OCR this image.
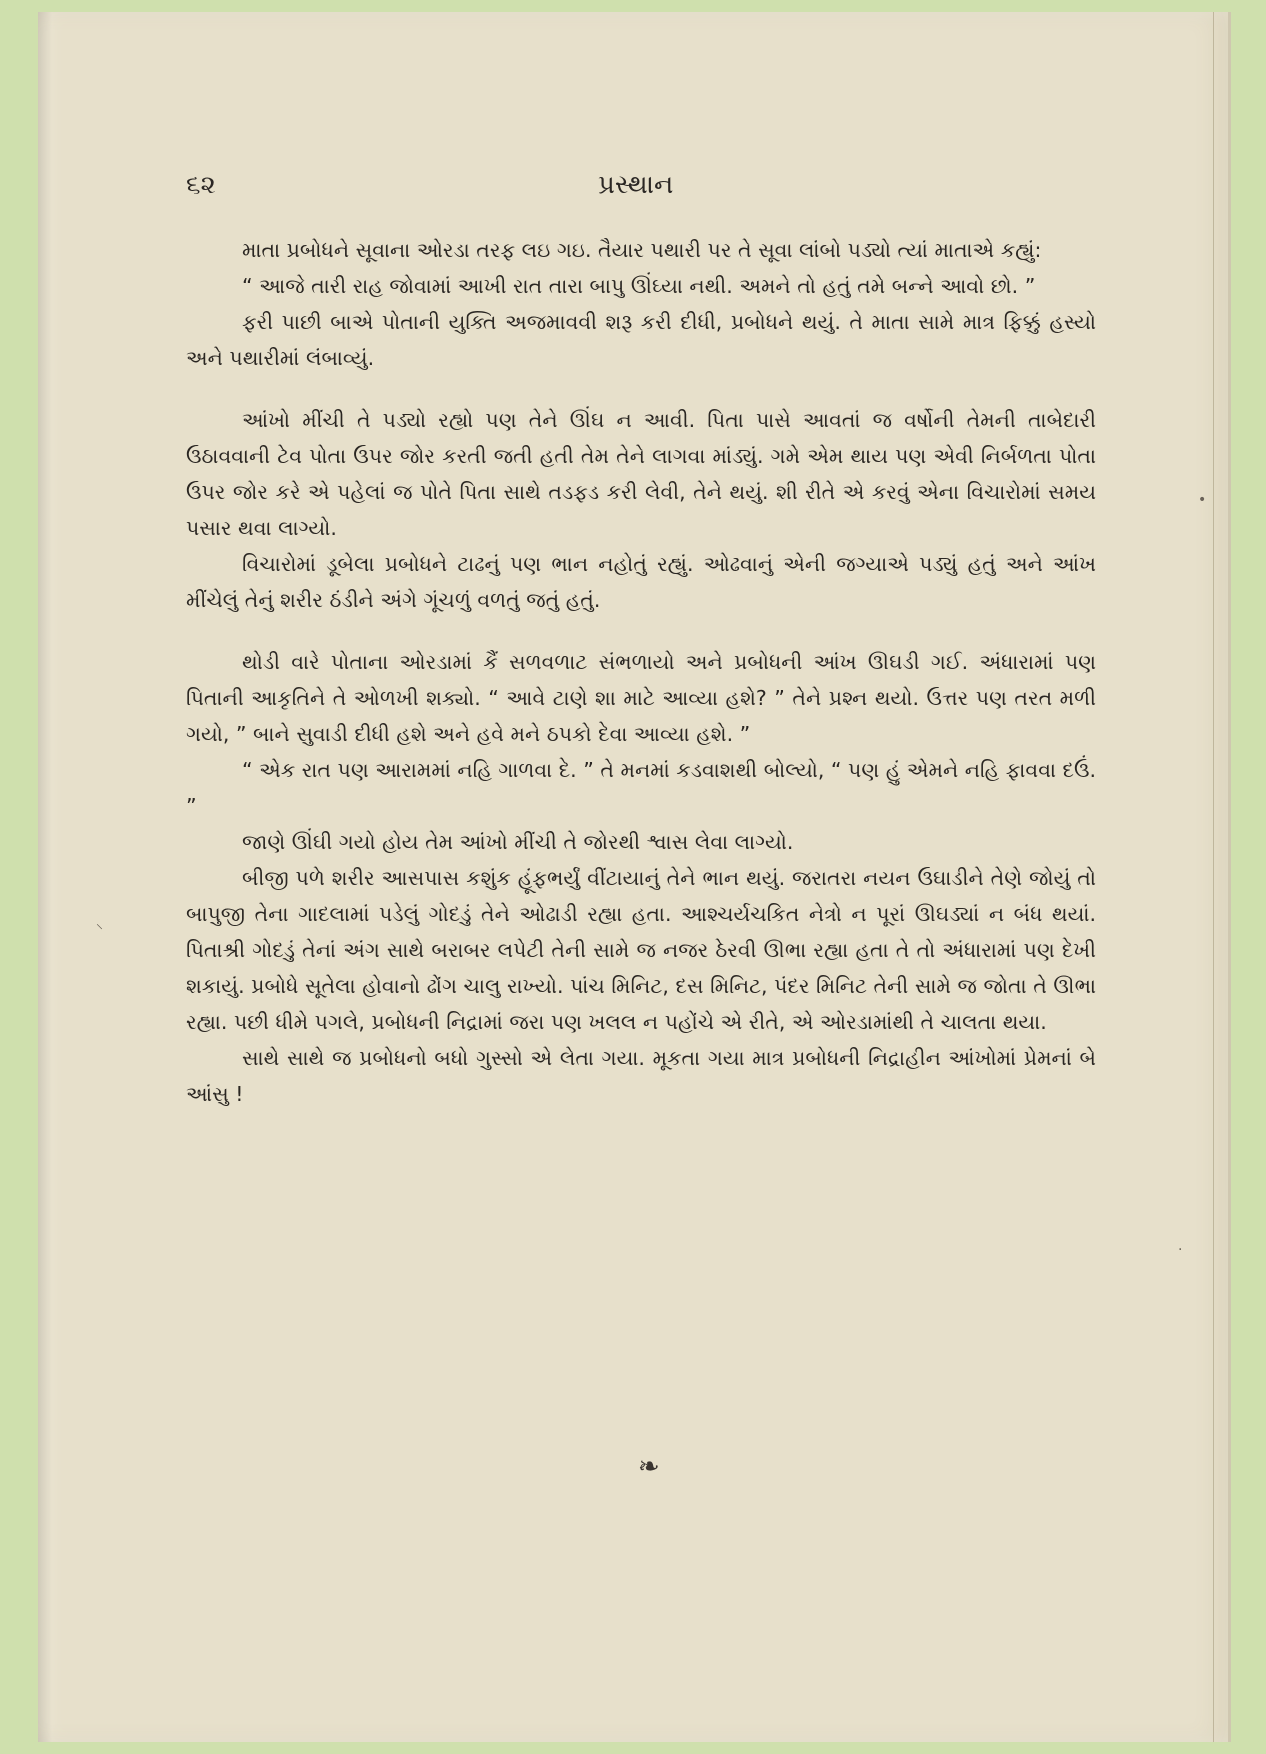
૬૨	પ્રસ્થાન

માતા પ્રબોધને સૂવાના ઓરડા તરફ લઇ ગઇ. તૈયાર પથારી પર તે સૂવા લાંબો પડ્યો ત્યાં માતાએ કહ્યું:

“ આજે તારી રાહ જોવામાં આખી રાત તારા બાપુ ઊંઘ્યા નથી. અમને તો હતું તમે બન્ને આવો છો. ”

ફરી પાછી બાએ પોતાની યુક્તિ અજમાવવી શરૂ કરી દીધી, પ્રબોધને થયું. તે માતા સામે માત્ર ફિક્કું હસ્યો અને પથારીમાં લંબાવ્યું.

આંખો મીંચી તે પડ્યો રહ્યો પણ તેને ઊંઘ ન આવી. પિતા પાસે આવતાં જ વર્ષોની તેમની તાબેદારી ઉઠાવવાની ટેવ પોતા ઉપર જોર કરતી જતી હતી તેમ તેને લાગવા માંડ્યું. ગમે એમ થાય પણ એવી નિર્બળતા પોતા ઉપર જોર કરે એ પહેલાં જ પોતે પિતા સાથે તડફડ કરી લેવી, તેને થયું. શી રીતે એ કરવું એના વિચારોમાં સમય પસાર થવા લાગ્યો.

વિચારોમાં ડૂબેલા પ્રબોધને ટાઢનું પણ ભાન નહોતું રહ્યું. ઓઢવાનું એની જગ્યાએ પડ્યું હતું અને આંખ મીંચેલું તેનું શરીર ઠંડીને અંગે ગૂંચળું વળતું જતું હતું.

થોડી વારે પોતાના ઓરડામાં કૈં સળવળાટ સંભળાયો અને પ્રબોધની આંખ ઊઘડી ગઈ. અંધારામાં પણ પિતાની આકૃતિને તે ઓળખી શક્યો. “ આવે ટાણે શા માટે આવ્યા હશે? ” તેને પ્રશ્ન થયો. ઉત્તર પણ તરત મળી ગયો, ” બાને સુવાડી દીધી હશે અને હવે મને ઠપકો દેવા આવ્યા હશે. ”

“ એક રાત પણ આરામમાં નહિ ગાળવા દે. ” તે મનમાં કડવાશથી બોલ્યો, “ પણ હું એમને નહિ ફાવવા દઉં. ”

જાણે ઊંઘી ગયો હોય તેમ આંખો મીંચી તે જોરથી શ્વાસ લેવા લાગ્યો.

બીજી પળે શરીર આસપાસ કશુંક હૂંફભર્યું વીંટાયાનું તેને ભાન થયું. જરાતરા નયન ઉઘાડીને તેણે જોયું તો બાપુજી તેના ગાદલામાં પડેલું ગોદડું તેને ઓઢાડી રહ્યા હતા. આશ્ચર્યચકિત નેત્રો ન પૂરાં ઊઘડ્યાં ન બંધ થયાં. પિતાશ્રી ગોદડું તેનાં અંગ સાથે બરાબર લપેટી તેની સામે જ નજર ઠેરવી ઊભા રહ્યા હતા તે તો અંધારામાં પણ દેખી શકાયું. પ્રબોધે સૂતેલા હોવાનો ઢોંગ ચાલુ રાખ્યો. પાંચ મિનિટ, દસ મિનિટ, પંદર મિનિટ તેની સામે જ જોતા તે ઊભા રહ્યા. પછી ધીમે પગલે, પ્રબોધની નિદ્રામાં જરા પણ ખલલ ન પહોંચે એ રીતે, એ ઓરડામાંથી તે ચાલતા થયા.

સાથે સાથે જ પ્રબોધનો બધો ગુસ્સો એ લેતા ગયા. મૂકતા ગયા માત્ર પ્રબોધની નિદ્રાહીન આંખોમાં પ્રેમનાં બે આંસુ !

❧
⸌
•
·
